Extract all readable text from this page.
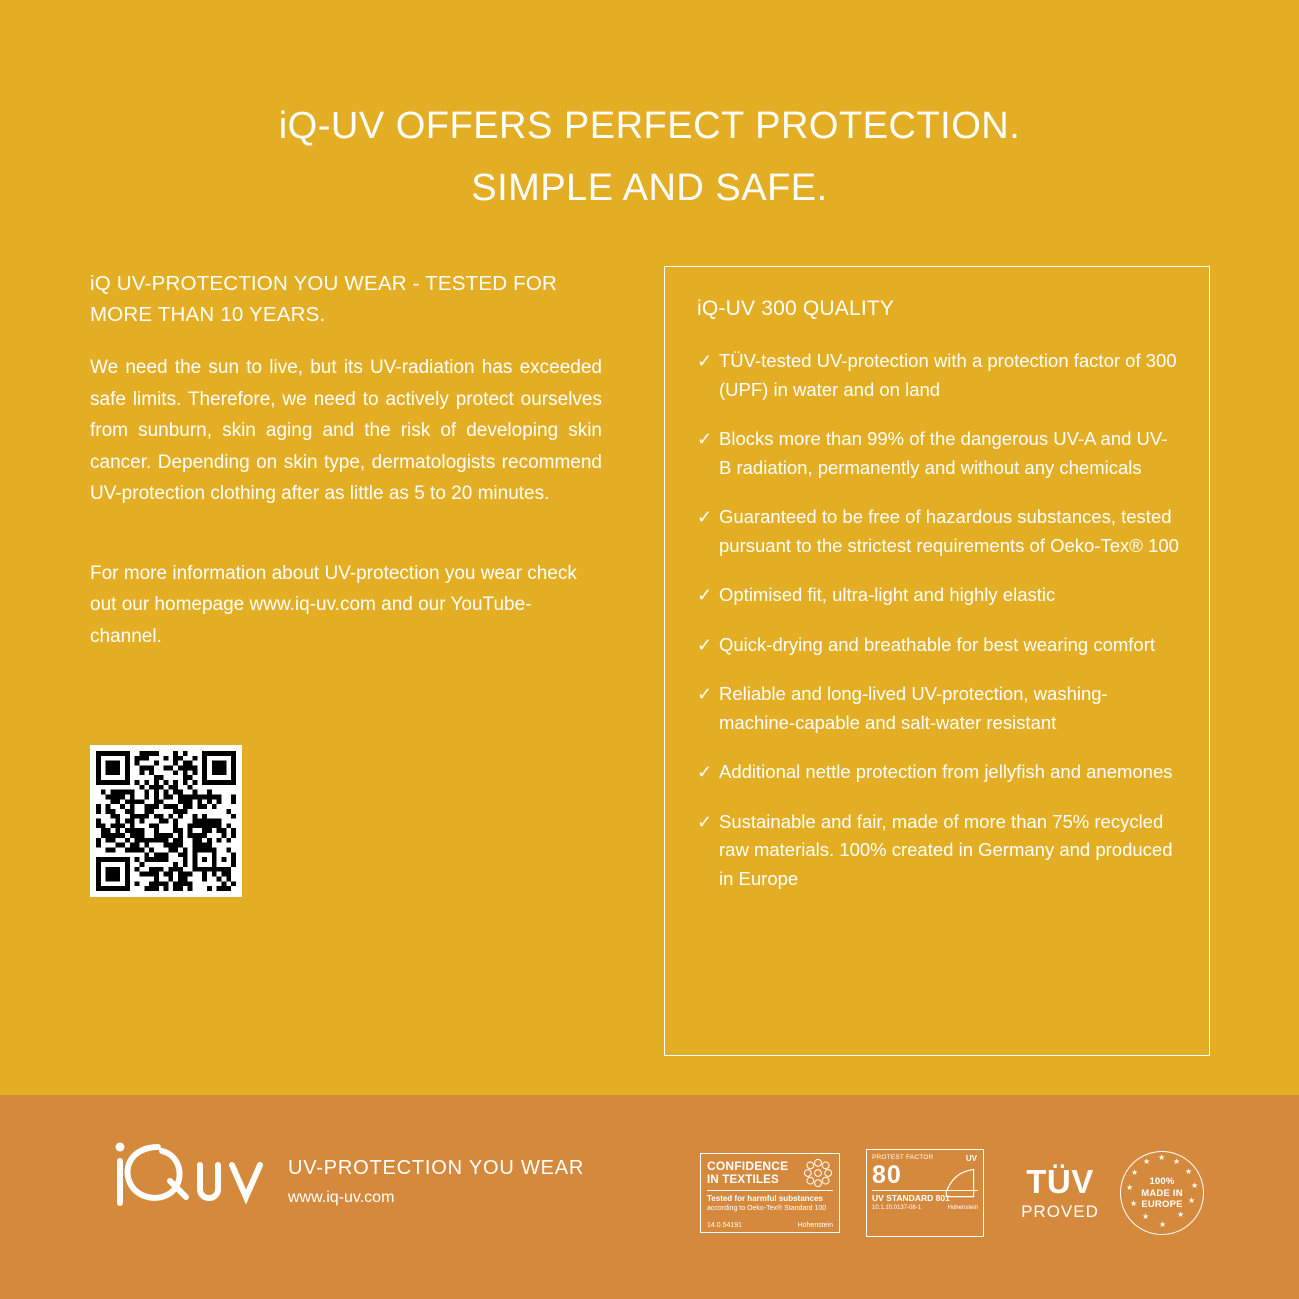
iQ-UV OFFERS PERFECT PROTECTION.
SIMPLE AND SAFE.

iQ UV-PROTECTION YOU WEAR - TESTED FOR MORE THAN 10 YEARS.

We need the sun to live, but its UV-radiation has exceeded safe limits. Therefore, we need to actively protect ourselves from sunburn, skin aging and the risk of developing skin cancer. Depending on skin type, dermatologists recommend UV-protection clothing after as little as 5 to 20 minutes.

For more information about UV-protection you wear check out our homepage www.iq-uv.com and our YouTube-channel.

iQ-UV 300 QUALITY
✓ TÜV-tested UV-protection with a protection factor of 300 (UPF) in water and on land
✓ Blocks more than 99% of the dangerous UV-A and UV-B radiation, permanently and without any chemicals
✓ Guaranteed to be free of hazardous substances, tested pursuant to the strictest requirements of Oeko-Tex® 100
✓ Optimised fit, ultra-light and highly elastic
✓ Quick-drying and breathable for best wearing comfort
✓ Reliable and long-lived UV-protection, washing-machine-capable and salt-water resistant
✓ Additional nettle protection from jellyfish and anemones
✓ Sustainable and fair, made of more than 75% recycled raw materials. 100% created in Germany and produced in Europe
UV-PROTECTION YOU WEAR
www.iq-uv.com
CONFIDENCE
IN TEXTILES
Tested for harmful substances
according to Oeko-Tex® Standard 100
14.0.54191	Hohenstein
UV
PROTEST FACTOR
80
UV STANDARD 801
10.1.10.0137-08-1	Hohenstein
TÜV
PROVED
★ ★
★
★
★
★
★
★
★
★
★
★
100%
MADE IN
EUROPE
